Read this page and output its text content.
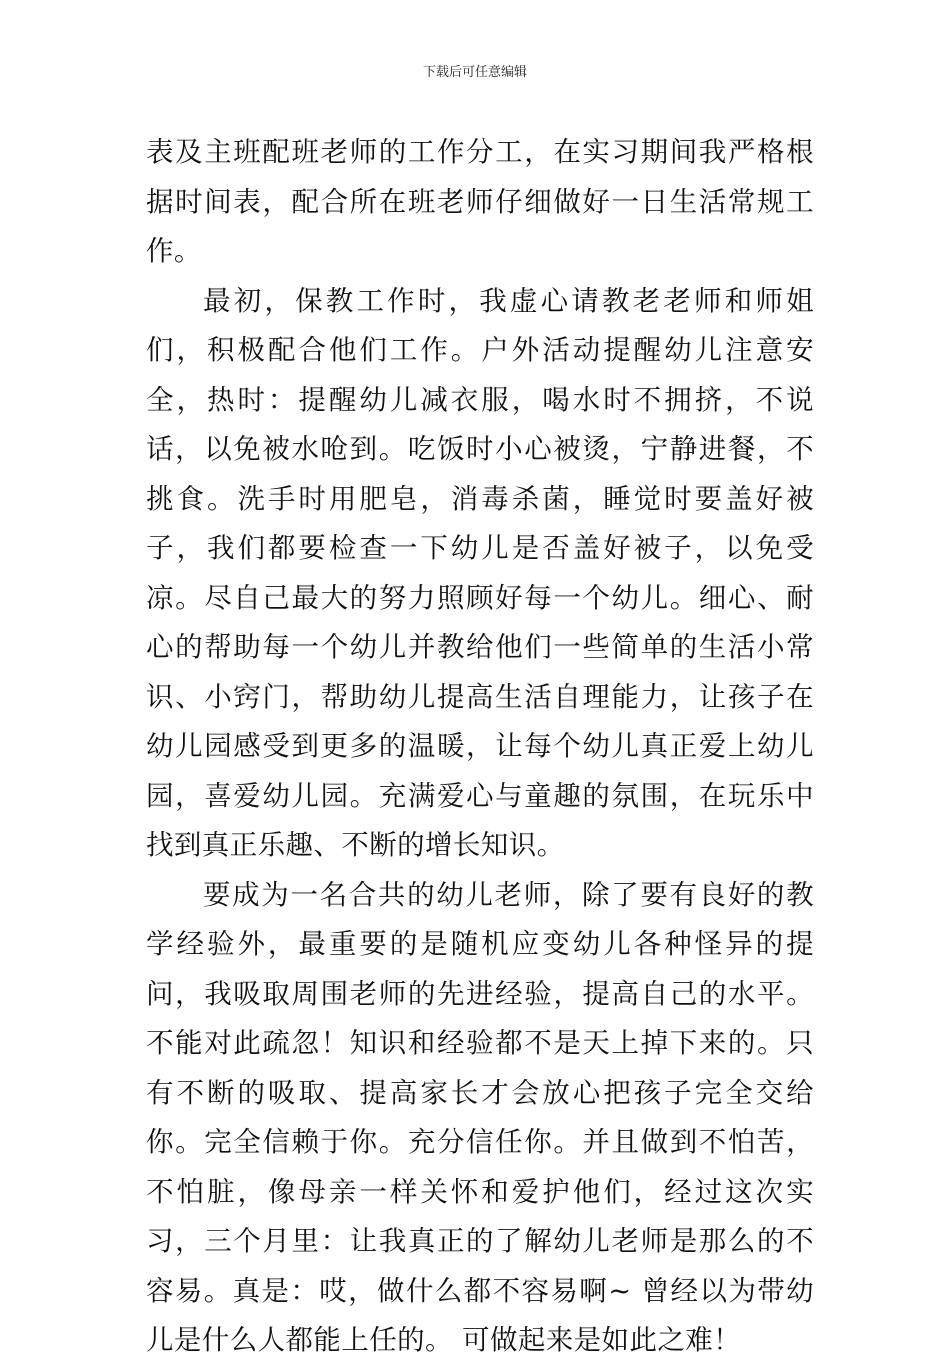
下载后可任意编辑

表及主班配班老师的工作分工，在实习期间我严格根据时间表，配合所在班老师仔细做好一日生活常规工作。

最初，保教工作时，我虚心请教老老师和师姐们，积极配合他们工作。户外活动提醒幼儿注意安全，热时：提醒幼儿减衣服，喝水时不拥挤，不说话，以免被水呛到。吃饭时小心被烫，宁静进餐，不挑食。洗手时用肥皂，消毒杀菌，睡觉时要盖好被子，我们都要检查一下幼儿是否盖好被子，以免受凉。尽自己最大的努力照顾好每一个幼儿。细心、耐心的帮助每一个幼儿并教给他们一些简单的生活小常识、小窍门，帮助幼儿提高生活自理能力，让孩子在幼儿园感受到更多的温暖，让每个幼儿真正爱上幼儿园，喜爱幼儿园。充满爱心与童趣的氛围，在玩乐中找到真正乐趣、不断的增长知识。

要成为一名合共的幼儿老师，除了要有良好的教学经验外，最重要的是随机应变幼儿各种怪异的提问，我吸取周围老师的先进经验，提高自己的水平。不能对此疏忽！知识和经验都不是天上掉下来的。只有不断的吸取、提高家长才会放心把孩子完全交给你。完全信赖于你。充分信任你。并且做到不怕苦，不怕脏，像母亲一样关怀和爱护他们，经过这次实习，三个月里：让我真正的了解幼儿老师是那么的不容易。真是：哎，做什么都不容易啊~ 曾经以为带幼儿是什么人都能上任的。 可做起来是如此之难！
